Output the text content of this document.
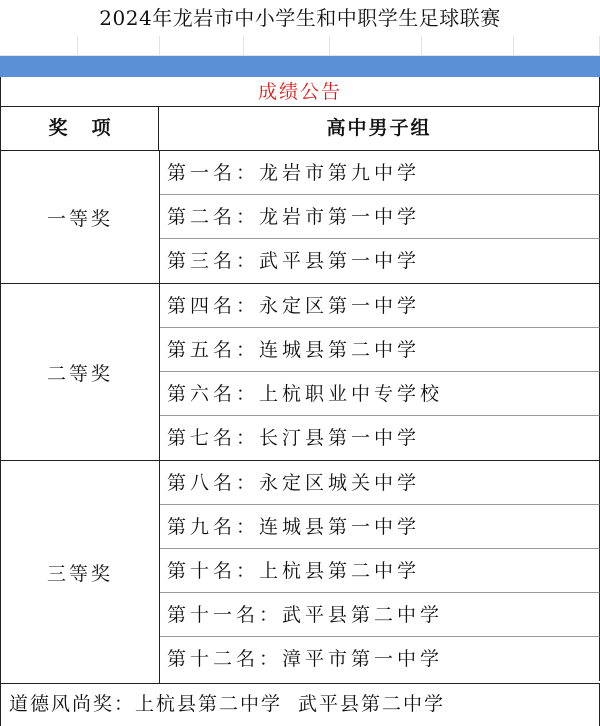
2024年龙岩市中小学生和中职学生足球联赛
成绩公告
奖项	高中男子组
一等奖
第一名：龙岩市第九中学
第二名：龙岩市第一中学
第三名：武平县第一中学
二等奖
第四名：永定区第一中学
第五名：连城县第二中学
第六名：上杭职业中专学校
第七名：长汀县第一中学
三等奖
第八名：永定区城关中学
第九名：连城县第一中学
第十名：上杭县第二中学
第十一名：武平县第二中学
第十二名：漳平市第一中学
道德风尚奖：上杭县第二中学 武平县第二中学
